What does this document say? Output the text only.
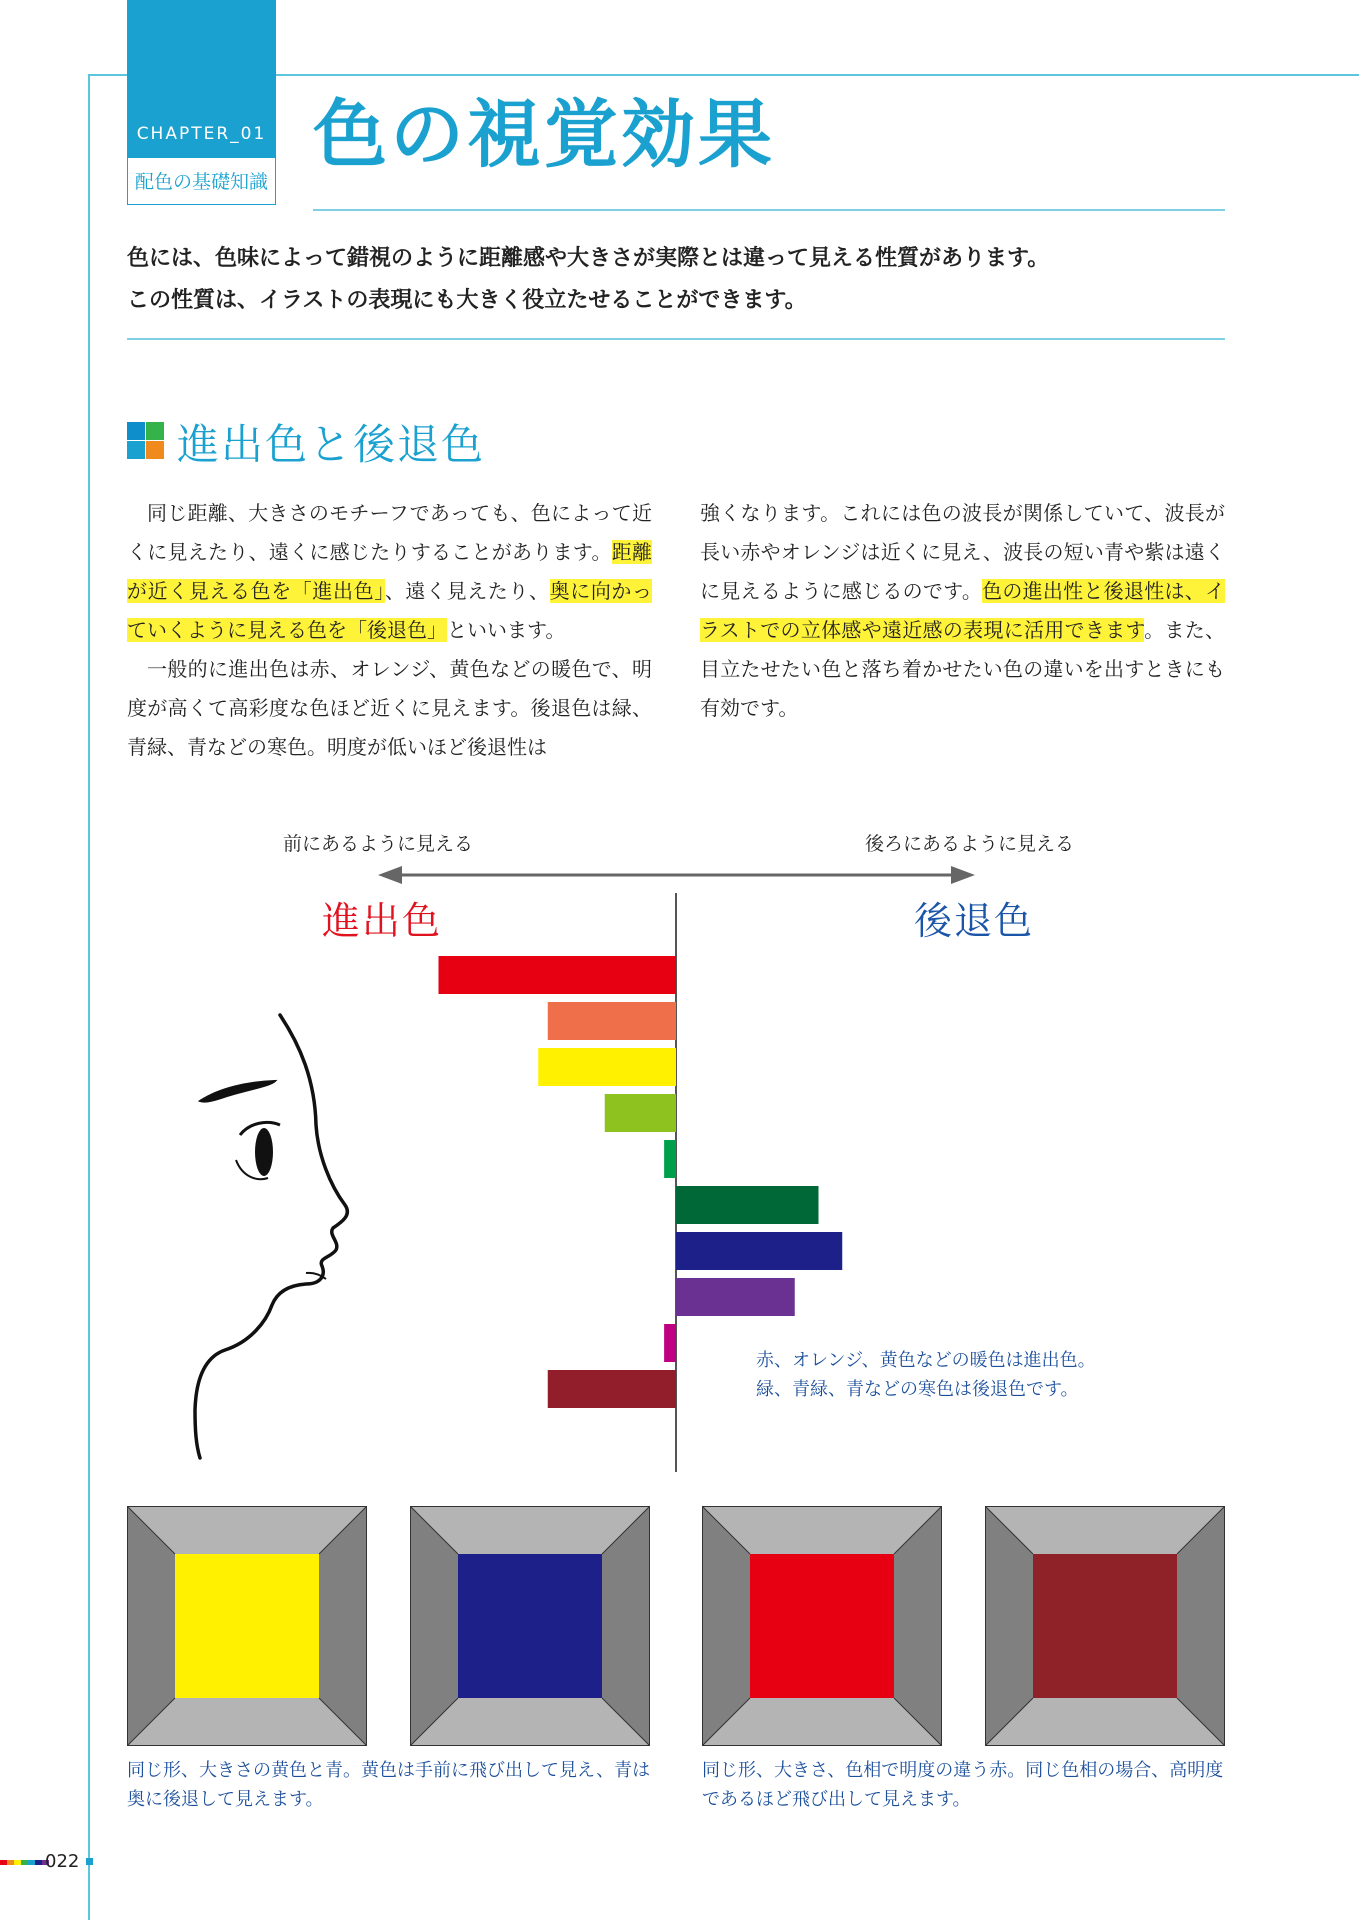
CHAPTER_01
配色の基礎知識
色の視覚効果
色には、色味によって錯視のように距離感や大きさが実際とは違って見える性質があります。
この性質は、イラストの表現にも大きく役立たせることができます。
進出色と後退色

同じ距離、大きさのモチーフであっても、色によって近くに見えたり、遠くに感じたりすることがあります。距離が近く見える色を「進出色」、遠く見えたり、奥に向かっていくように見える色を「後退色」といいます。

一般的に進出色は赤、オレンジ、黄色などの暖色で、明度が高くて高彩度な色ほど近くに見えます。後退色は緑、青緑、青などの寒色。明度が低いほど後退性は

強くなります。これには色の波長が関係していて、波長が長い赤やオレンジは近くに見え、波長の短い青や紫は遠くに見えるように感じるのです。色の進出性と後退性は、イラストでの立体感や遠近感の表現に活用できます。また、目立たせたい色と落ち着かせたい色の違いを出すときにも有効です。

前にあるように見える	後ろにあるように見える
進出色	後退色
赤、オレンジ、黄色などの暖色は進出色。
緑、青緑、青などの寒色は後退色です。
同じ形、大きさの黄色と青。黄色は手前に飛び出して見え、青は奥に後退して見えます。
同じ形、大きさ、色相で明度の違う赤。同じ色相の場合、高明度であるほど飛び出して見えます。
022
